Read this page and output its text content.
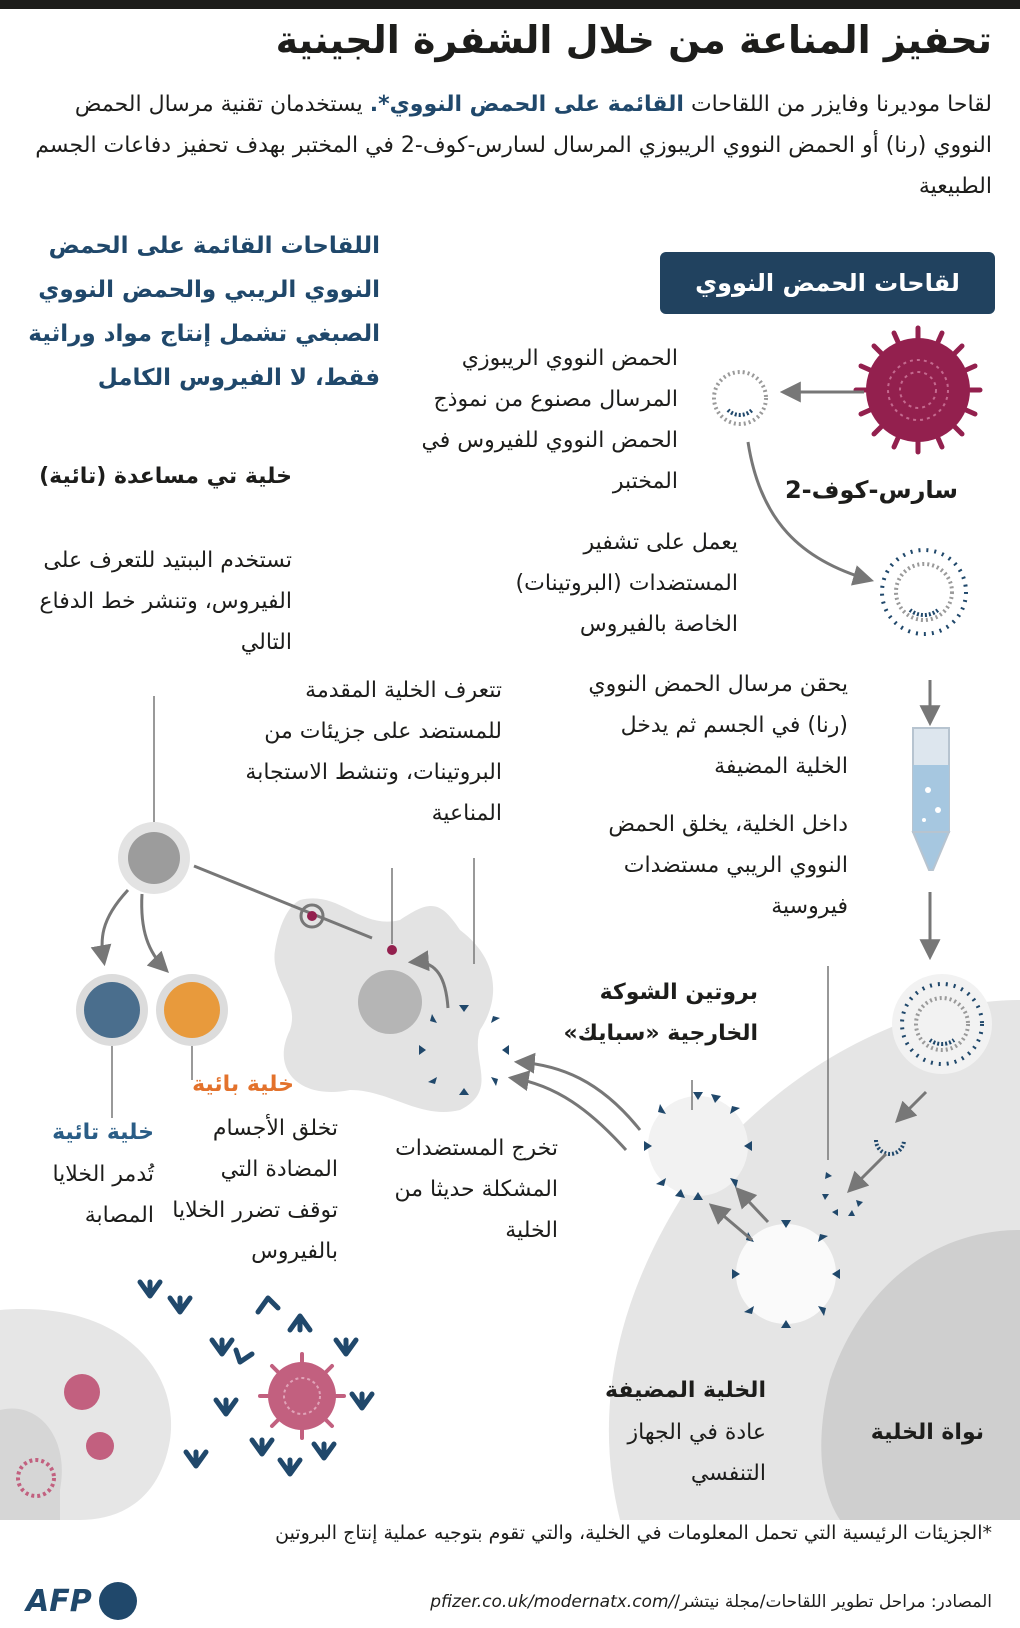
تحفيز المناعة من خلال الشفرة الجينية
لقاحا موديرنا وفايزر من اللقاحات القائمة على الحمض النووي*. يستخدمان تقنية مرسال الحمض النووي (رنا) أو الحمض النووي الريبوزي المرسال لسارس-كوف-2 في المختبر بهدف تحفيز دفاعات الجسم الطبيعية
اللقاحات القائمة على الحمض النووي الريبي والحمض النووي الصبغي تشمل إنتاج مواد وراثية فقط، لا الفيروس الكامل
لقاحات الحمض النووي
سارس-كوف-2
الحمض النووي الريبوزي المرسال مصنوع من نموذج الحمض النووي للفيروس في المختبر
يعمل على تشفير المستضدات (البروتينات) الخاصة بالفيروس
يحقن مرسال الحمض النووي (رنا) في الجسم ثم يدخل الخلية المضيفة
داخل الخلية، يخلق الحمض النووي الريبي مستضدات فيروسية
بروتين الشوكة الخارجية «سبايك»
تخرج المستضدات المشكلة حديثا من الخلية
تتعرف الخلية المقدمة للمستضد على جزيئات من البروتينات، وتنشط الاستجابة المناعية
خلية تي مساعدة (تائية)
تستخدم الببتيد للتعرف على الفيروس، وتنشر خط الدفاع التالي
خلية بائية
تخلق الأجسام المضادة التي توقف تضرر الخلايا بالفيروس
خلية تائية
تُدمر الخلايا المصابة
الخلية المضيفة
عادة في الجهاز التنفسي
نواة الخلية
*الجزيئات الرئيسية التي تحمل المعلومات في الخلية، والتي تقوم بتوجيه عملية إنتاج البروتين
المصادر: مراحل تطوير اللقاحات/مجلة نيتشر/pfizer.co.uk/modernatx.com/
AFP
